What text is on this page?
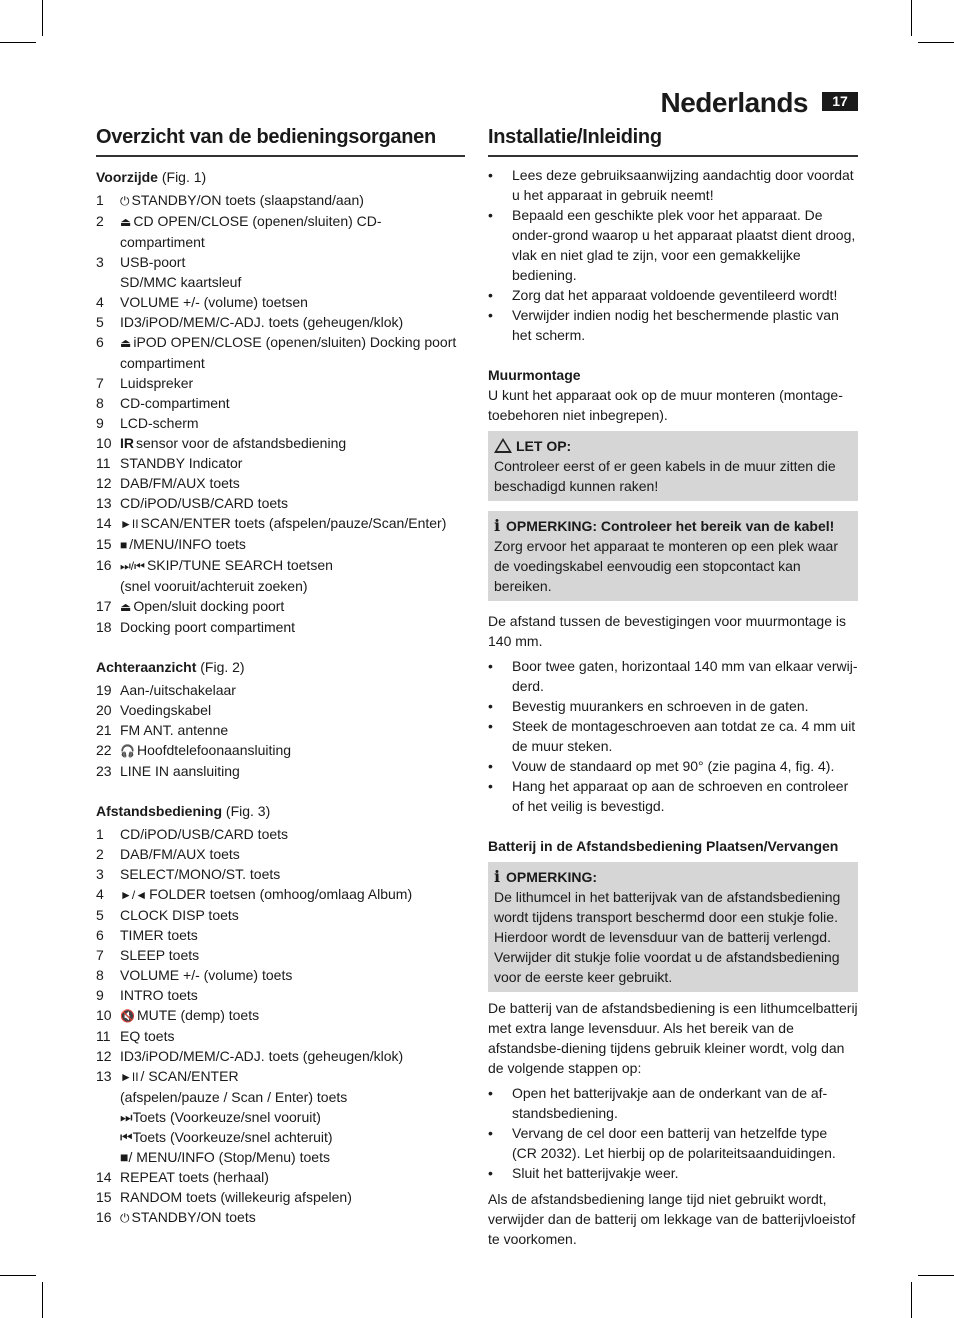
Nederlands	17
Overzicht van de bedieningsorganen
Voorzijde (Fig. 1)
1	⏻ STANDBY/ON toets (slaapstand/aan)
2	⏏ CD OPEN/CLOSE (openen/sluiten) CD-compartiment
3	USB-poort
SD/MMC kaartsleuf
4	VOLUME +/- (volume) toetsen
5	ID3/iPOD/MEM/C-ADJ. toets (geheugen/klok)
6	⏏ iPOD OPEN/CLOSE (openen/sluiten) Docking poort compartiment
7	Luidspreker
8	CD-compartiment
9	LCD-scherm
10 IR sensor voor de afstandsbediening
11 STANDBY Indicator
12 DAB/FM/AUX toets
13 CD/iPOD/USB/CARD toets
14 ►II SCAN/ENTER toets (afspelen/pauze/Scan/Enter)
15 ■ /MENU/INFO toets
16 ⏭/⏮ SKIP/TUNE SEARCH toetsen
(snel vooruit/achteruit zoeken)
17 ⏏ Open/sluit docking poort
18 Docking poort compartiment
Achteraanzicht (Fig. 2)
19 Aan-/uitschakelaar
20 Voedingskabel
21 FM ANT. antenne
22 🎧 Hoofdtelefoonaansluiting
23 LINE IN aansluiting
Afstandsbediening (Fig. 3)
1	CD/iPOD/USB/CARD toets
2	DAB/FM/AUX toets
3	SELECT/MONO/ST. toets
4	►/◄ FOLDER toetsen (omhoog/omlaag Album)
5	CLOCK DISP toets
6	TIMER toets
7	SLEEP toets
8	VOLUME +/- (volume) toets
9	INTRO toets
10 🔇 MUTE (demp) toets
11 EQ toets
12 ID3/iPOD/MEM/C-ADJ. toets (geheugen/klok)
13 ►II / SCAN/ENTER
(afspelen/pauze / Scan / Enter) toets
⏭Toets (Voorkeuze/snel vooruit)
⏮Toets (Voorkeuze/snel achteruit)
■/ MENU/INFO (Stop/Menu) toets
14 REPEAT toets (herhaal)
15 RANDOM toets (willekeurig afspelen)
16 ⏻ STANDBY/ON toets
Installatie/Inleiding
•	Lees deze gebruiksaanwijzing aandachtig door voordat u het apparaat in gebruik neemt!
•	Bepaald een geschikte plek voor het apparaat. De onder-grond waarop u het apparaat plaatst dient droog, vlak en niet glad te zijn, voor een gemakkelijke bediening.
•	Zorg dat het apparaat voldoende geventileerd wordt!
•	Verwijder indien nodig het beschermende plastic van het scherm.
Muurmontage

U kunt het apparaat ook op de muur monteren (montage-toebehoren niet inbegrepen).

LET OP:
Controleer eerst of er geen kabels in de muur zitten die beschadigd kunnen raken!
i OPMERKING: Controleer het bereik van de kabel!
Zorg ervoor het apparaat te monteren op een plek waar de voedingskabel eenvoudig een stopcontact kan bereiken.

De afstand tussen de bevestigingen voor muurmontage is 140 mm.

•	Boor twee gaten, horizontaal 140 mm van elkaar verwij-derd.
•	Bevestig muurankers en schroeven in de gaten.
•	Steek de montageschroeven aan totdat ze ca. 4 mm uit de muur steken.
•	Vouw de standaard op met 90° (zie pagina 4, fig. 4).
•	Hang het apparaat op aan de schroeven en controleer of het veilig is bevestigd.
Batterij in de Afstandsbediening Plaatsen/Vervangen
i OPMERKING:
De lithumcel in het batterijvak van de afstandsbediening wordt tijdens transport beschermd door een stukje folie. Hierdoor wordt de levensduur van de batterij verlengd. Verwijder dit stukje folie voordat u de afstandsbediening voor de eerste keer gebruikt.

De batterij van de afstandsbediening is een lithumcelbatterij met extra lange levensduur. Als het bereik van de afstandsbe-diening tijdens gebruik kleiner wordt, volg dan de volgende stappen op:

•	Open het batterijvakje aan de onderkant van de af-standsbediening.
•	Vervang de cel door een batterij van hetzelfde type
(CR 2032). Let hierbij op de polariteitsaanduidingen.
•	Sluit het batterijvakje weer.

Als de afstandsbediening lange tijd niet gebruikt wordt, verwijder dan de batterij om lekkage van de batterijvloeistof te voorkomen.
